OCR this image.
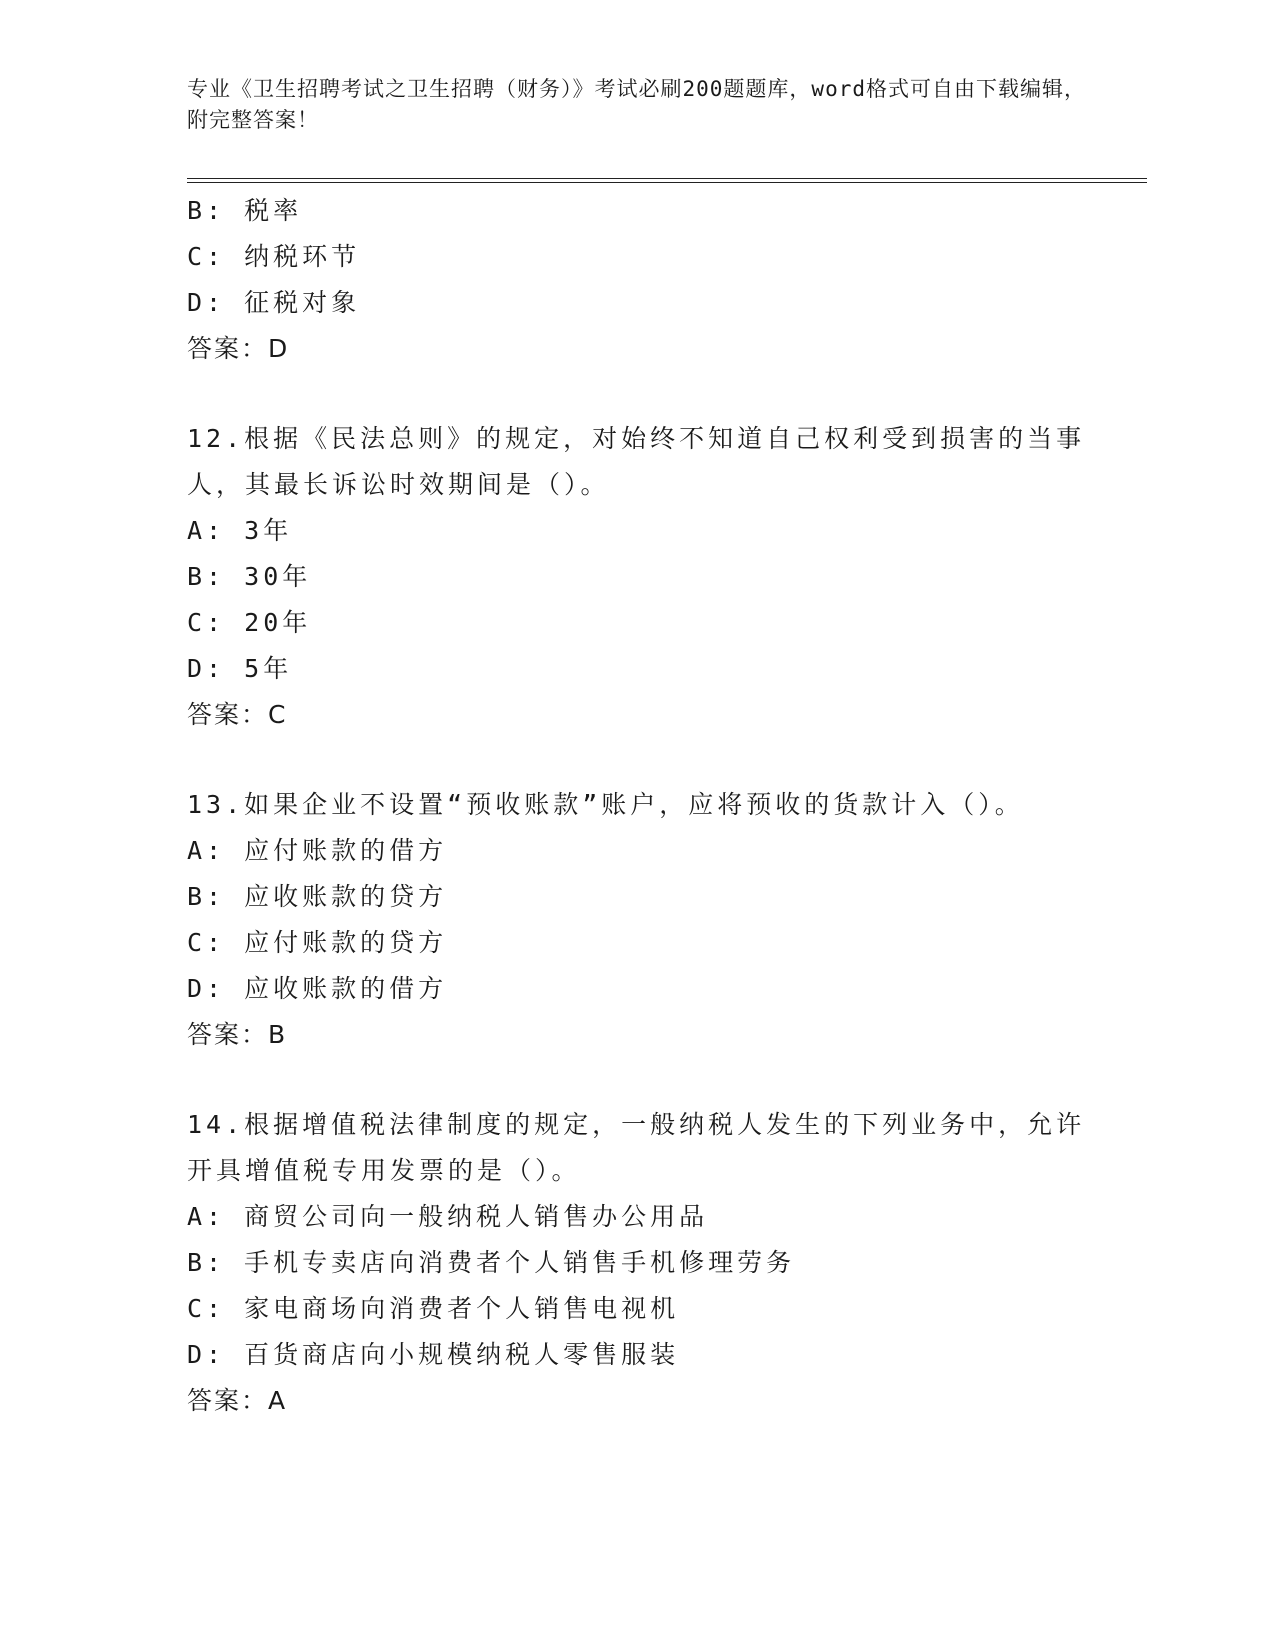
专业《卫生招聘考试之卫生招聘（财务）》考试必刷200题题库，word格式可自由下载编辑，附完整答案！
B: 税率
C: 纳税环节
D: 征税对象
答案：D
12.根据《民法总则》的规定，对始终不知道自己权利受到损害的当事人，其最长诉讼时效期间是（）。
A: 3年
B: 30年
C: 20年
D: 5年
答案：C
13.如果企业不设置“预收账款”账户，应将预收的货款计入（）。
A: 应付账款的借方
B: 应收账款的贷方
C: 应付账款的贷方
D: 应收账款的借方
答案：B
14.根据增值税法律制度的规定，一般纳税人发生的下列业务中，允许开具增值税专用发票的是（）。
A: 商贸公司向一般纳税人销售办公用品
B: 手机专卖店向消费者个人销售手机修理劳务
C: 家电商场向消费者个人销售电视机
D: 百货商店向小规模纳税人零售服装
答案：A
